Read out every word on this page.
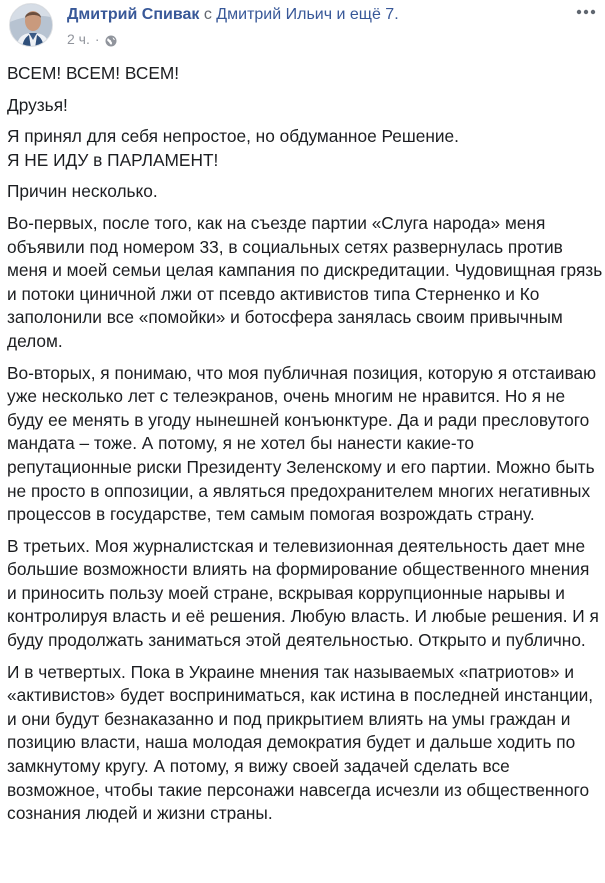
Дмитрий Спивак с Дмитрий Ильич и ещё 7.
2 ч. ·

ВСЕМ! ВСЕМ! ВСЕМ!

Друзья!

Я принял для себя непростое, но обдуманное Решение.
Я НЕ ИДУ в ПАРЛАМЕНТ!

Причин несколько.

Во-первых, после того, как на съезде партии «Слуга народа» меня объявили под номером 33, в социальных сетях развернулась против меня и моей семьи целая кампания по дискредитации. Чудовищная грязь и потоки циничной лжи от псевдо активистов типа Стерненко и Ко заполонили все «помойки» и ботосфера занялась своим привычным делом.

Во-вторых, я понимаю, что моя публичная позиция, которую я отстаиваю уже несколько лет с телеэкранов, очень многим не нравится. Но я не буду ее менять в угоду нынешней конъюнктуре. Да и ради пресловутого мандата – тоже. А потому, я не хотел бы нанести какие-то репутационные риски Президенту Зеленскому и его партии. Можно быть не просто в оппозиции, а являться предохранителем многих негативных процессов в государстве, тем самым помогая возрождать страну.

В третьих. Моя журналистская и телевизионная деятельность дает мне большие возможности влиять на формирование общественного мнения и приносить пользу моей стране, вскрывая коррупционные нарывы и контролируя власть и её решения. Любую власть. И любые решения. И я буду продолжать заниматься этой деятельностью. Открыто и публично.

И в четвертых. Пока в Украине мнения так называемых «патриотов» и «активистов» будет восприниматься, как истина в последней инстанции, и они будут безнаказанно и под прикрытием влиять на умы граждан и позицию власти, наша молодая демократия будет и дальше ходить по замкнутому кругу. А потому, я вижу своей задачей сделать все возможное, чтобы такие персонажи навсегда исчезли из общественного сознания людей и жизни страны.
